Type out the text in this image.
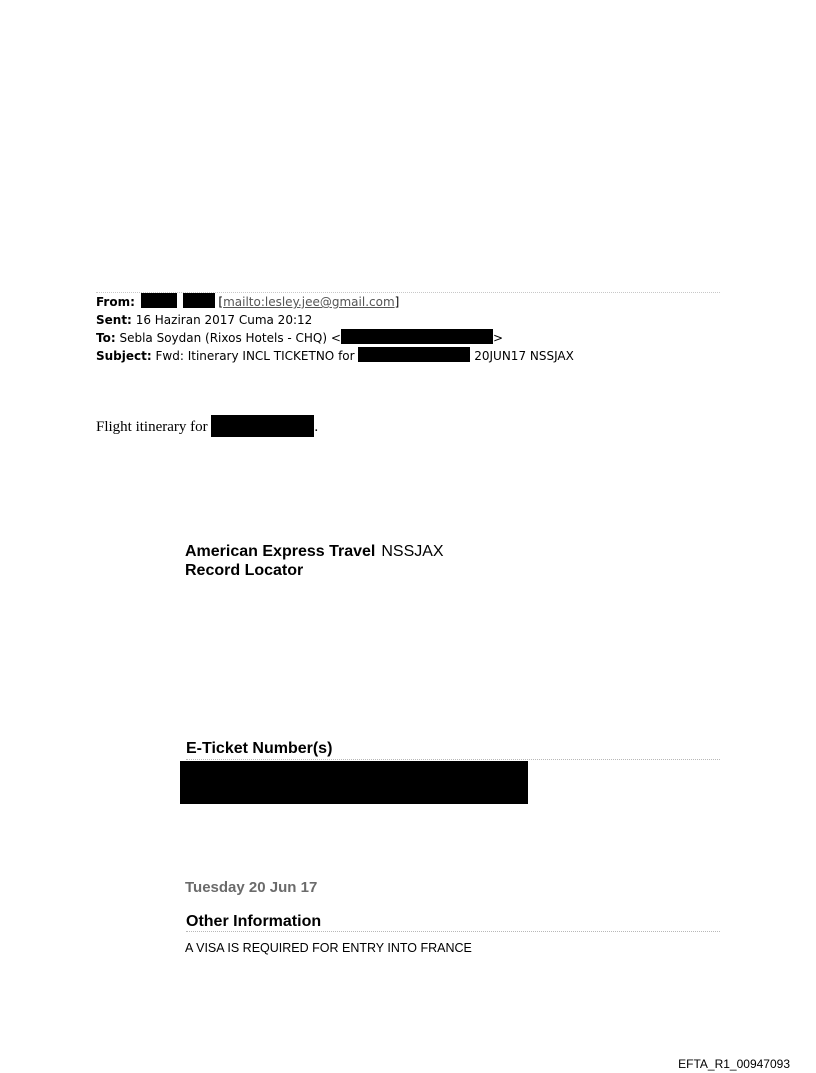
From:	[mailto:lesley.jee@gmail.com]
Sent: 16 Haziran 2017 Cuma 20:12
To: Sebla Soydan (Rixos Hotels - CHQ) <	>
Subject: Fwd: Itinerary INCL TICKETNO for	20JUN17 NSSJAX
Flight itinerary for	.
American Express Travel NSSJAX
Record Locator
E-Ticket Number(s)
Tuesday 20 Jun 17
Other Information
A VISA IS REQUIRED FOR ENTRY INTO FRANCE
EFTA_R1_00947093
